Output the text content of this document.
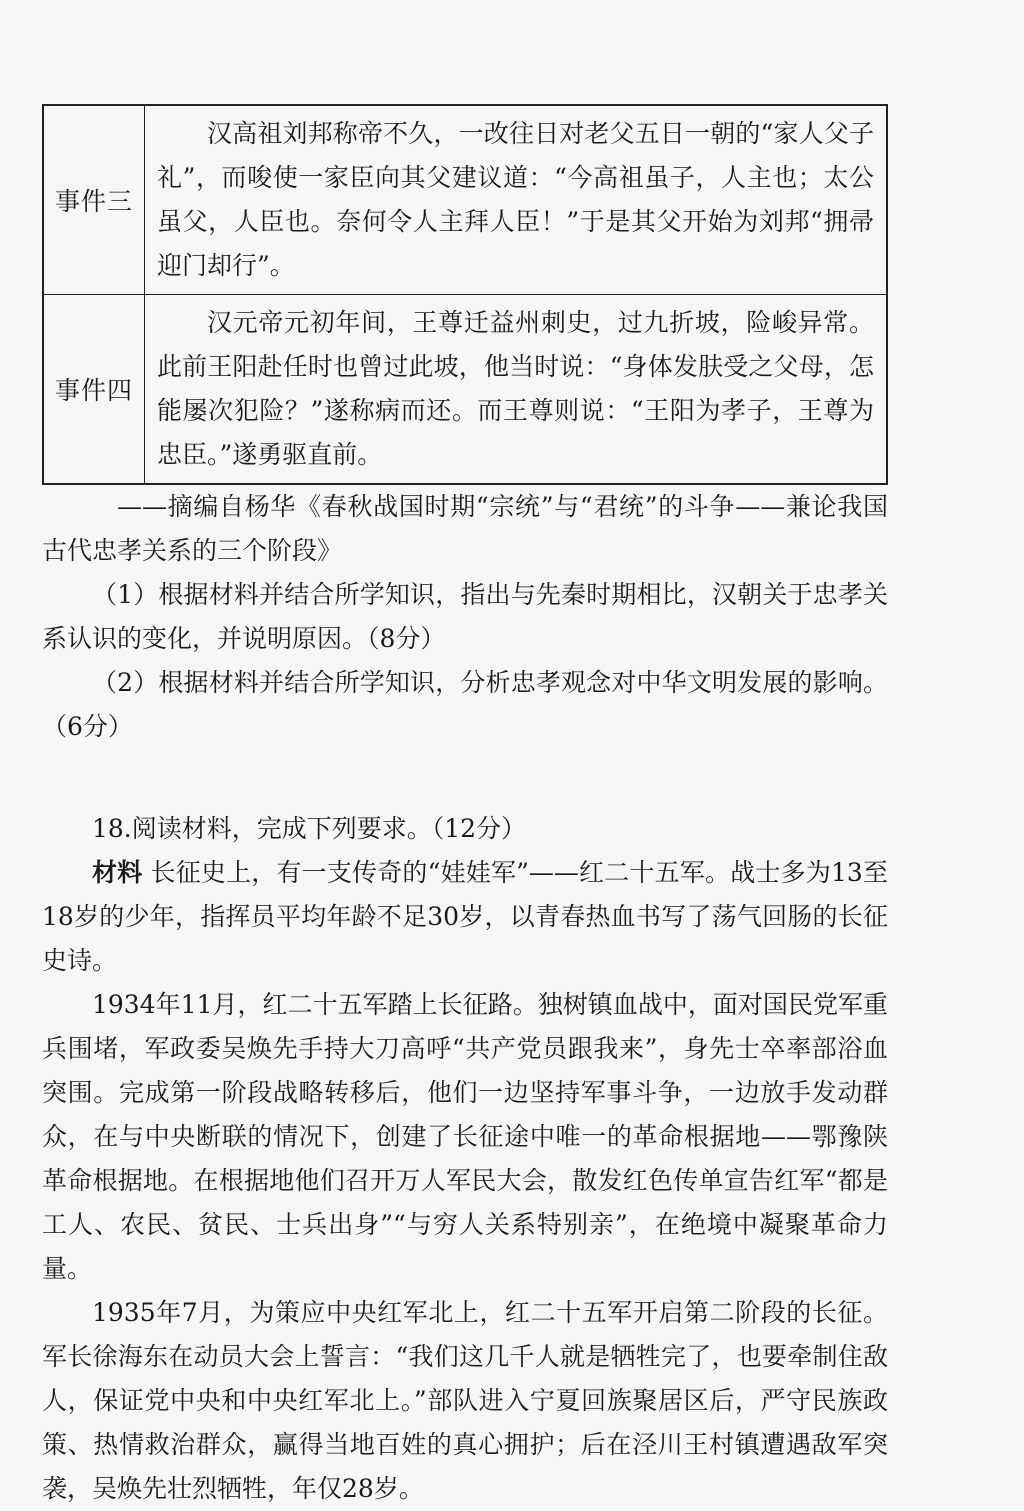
事件三	汉高祖刘邦称帝不久，一改往日对老父五日一朝的“家人父子礼”，而唆使一家臣向其父建议道：“今高祖虽子，人主也；太公虽父，人臣也。奈何令人主拜人臣！”于是其父开始为刘邦“拥帚迎门却行”。

事件四	汉元帝元初年间，王尊迁益州刺史，过九折坡，险峻异常。此前王阳赴任时也曾过此坡，他当时说：“身体发肤受之父母，怎能屡次犯险？”遂称病而还。而王尊则说：“王阳为孝子，王尊为忠臣。”遂勇驱直前。

——摘编自杨华《春秋战国时期“宗统”与“君统”的斗争——兼论我国古代忠孝关系的三个阶段》

（1）根据材料并结合所学知识，指出与先秦时期相比，汉朝关于忠孝关系认识的变化，并说明原因。（8分）

（2）根据材料并结合所学知识，分析忠孝观念对中华文明发展的影响。（6分）

18.阅读材料，完成下列要求。（12分）

材料 长征史上，有一支传奇的“娃娃军”——红二十五军。战士多为13至18岁的少年，指挥员平均年龄不足30岁，以青春热血书写了荡气回肠的长征史诗。

1934年11月，红二十五军踏上长征路。独树镇血战中，面对国民党军重兵围堵，军政委吴焕先手持大刀高呼“共产党员跟我来”，身先士卒率部浴血突围。完成第一阶段战略转移后，他们一边坚持军事斗争，一边放手发动群众，在与中央断联的情况下，创建了长征途中唯一的革命根据地——鄂豫陕革命根据地。在根据地他们召开万人军民大会，散发红色传单宣告红军“都是工人、农民、贫民、士兵出身”“与穷人关系特别亲”，在绝境中凝聚革命力量。

1935年7月，为策应中央红军北上，红二十五军开启第二阶段的长征。军长徐海东在动员大会上誓言：“我们这几千人就是牺牲完了，也要牵制住敌人，保证党中央和中央红军北上。”部队进入宁夏回族聚居区后，严守民族政策、热情救治群众，赢得当地百姓的真心拥护；后在泾川王村镇遭遇敌军突袭，吴焕先壮烈牺牲，年仅28岁。
